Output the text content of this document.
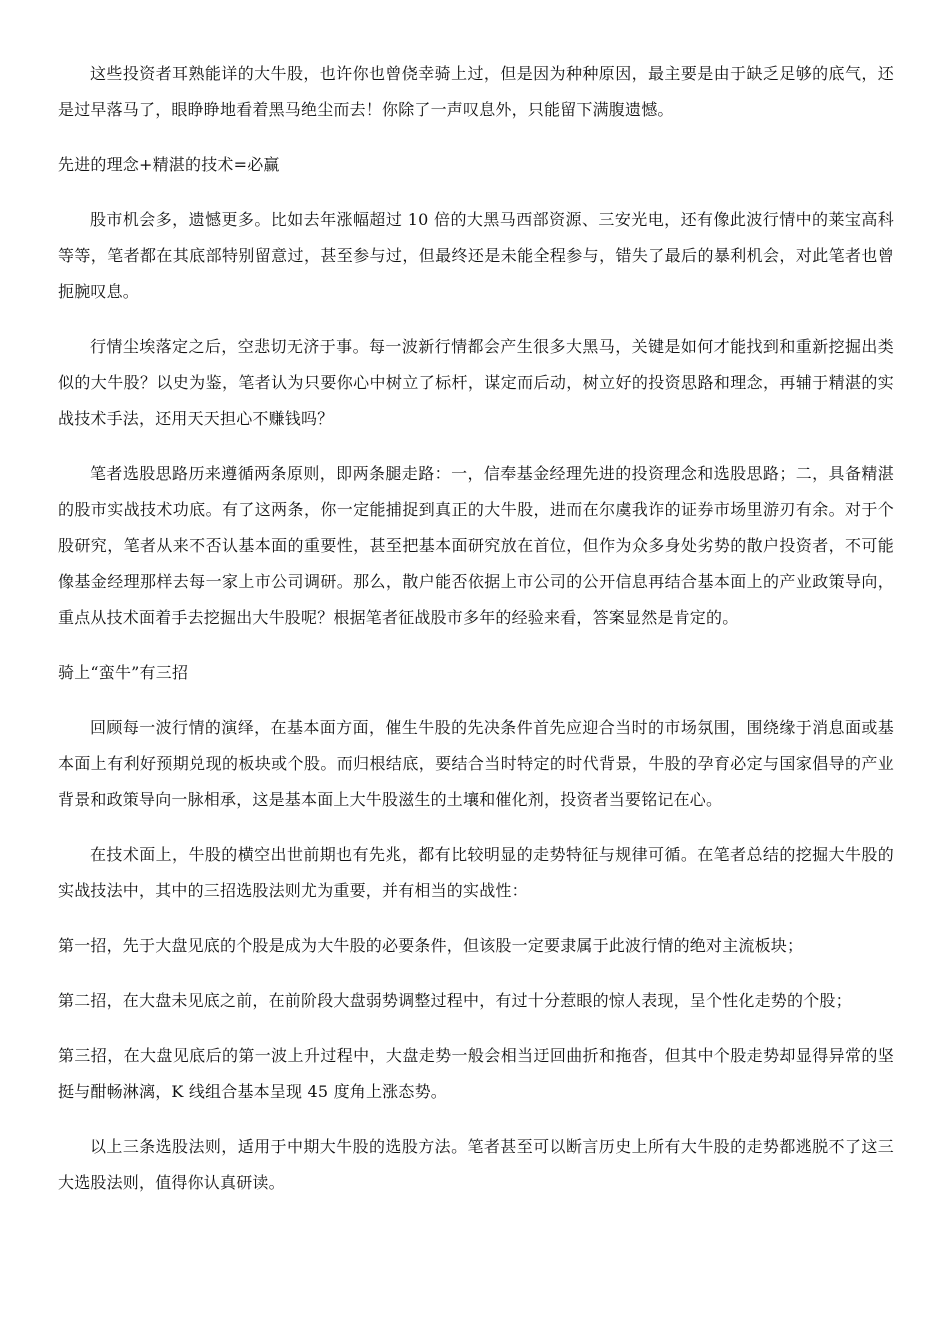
这些投资者耳熟能详的大牛股，也许你也曾侥幸骑上过，但是因为种种原因，最主要是由于缺乏足够的底气，还是过早落马了，眼睁睁地看着黑马绝尘而去！你除了一声叹息外，只能留下满腹遗憾。

先进的理念+精湛的技术=必赢

股市机会多，遗憾更多。比如去年涨幅超过 10 倍的大黑马西部资源、三安光电，还有像此波行情中的莱宝高科等等，笔者都在其底部特别留意过，甚至参与过，但最终还是未能全程参与，错失了最后的暴利机会，对此笔者也曾扼腕叹息。

行情尘埃落定之后，空悲切无济于事。每一波新行情都会产生很多大黑马，关键是如何才能找到和重新挖掘出类似的大牛股？以史为鉴，笔者认为只要你心中树立了标杆，谋定而后动，树立好的投资思路和理念，再辅于精湛的实战技术手法，还用天天担心不赚钱吗？

笔者选股思路历来遵循两条原则，即两条腿走路：一，信奉基金经理先进的投资理念和选股思路；二，具备精湛的股市实战技术功底。有了这两条，你一定能捕捉到真正的大牛股，进而在尔虞我诈的证券市场里游刃有余。对于个股研究，笔者从来不否认基本面的重要性，甚至把基本面研究放在首位，但作为众多身处劣势的散户投资者，不可能像基金经理那样去每一家上市公司调研。那么，散户能否依据上市公司的公开信息再结合基本面上的产业政策导向，重点从技术面着手去挖掘出大牛股呢？根据笔者征战股市多年的经验来看，答案显然是肯定的。

骑上“蛮牛”有三招

回顾每一波行情的演绎，在基本面方面，催生牛股的先决条件首先应迎合当时的市场氛围，围绕缘于消息面或基本面上有利好预期兑现的板块或个股。而归根结底，要结合当时特定的时代背景，牛股的孕育必定与国家倡导的产业背景和政策导向一脉相承，这是基本面上大牛股滋生的土壤和催化剂，投资者当要铭记在心。

在技术面上，牛股的横空出世前期也有先兆，都有比较明显的走势特征与规律可循。在笔者总结的挖掘大牛股的实战技法中，其中的三招选股法则尤为重要，并有相当的实战性：

第一招，先于大盘见底的个股是成为大牛股的必要条件，但该股一定要隶属于此波行情的绝对主流板块；

第二招，在大盘未见底之前，在前阶段大盘弱势调整过程中，有过十分惹眼的惊人表现，呈个性化走势的个股；

第三招，在大盘见底后的第一波上升过程中，大盘走势一般会相当迂回曲折和拖沓，但其中个股走势却显得异常的坚挺与酣畅淋漓，K 线组合基本呈现 45 度角上涨态势。

以上三条选股法则，适用于中期大牛股的选股方法。笔者甚至可以断言历史上所有大牛股的走势都逃脱不了这三大选股法则，值得你认真研读。
